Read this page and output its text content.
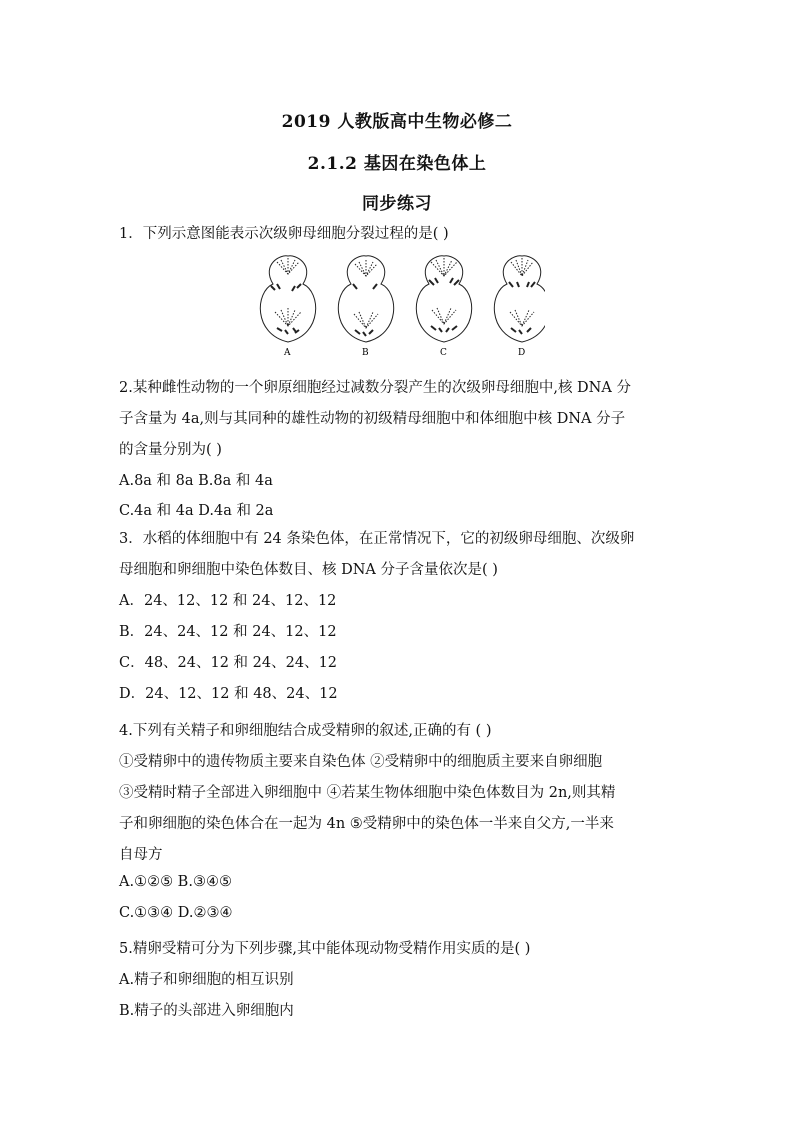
2019 人教版高中生物必修二
2.1.2 基因在染色体上
同步练习
1．下列示意图能表示次级卵母细胞分裂过程的是( )
A	B	C	D
2.某种雌性动物的一个卵原细胞经过减数分裂产生的次级卵母细胞中,核 DNA 分
子含量为 4a,则与其同种的雄性动物的初级精母细胞中和体细胞中核 DNA 分子
的含量分别为( )
A.8a 和 8a B.8a 和 4a
C.4a 和 4a D.4a 和 2a
3．水稻的体细胞中有 24 条染色体，在正常情况下，它的初级卵母细胞、次级卵
母细胞和卵细胞中染色体数目、核 DNA 分子含量依次是( )
A．24、12、12 和 24、12、12
B．24、24、12 和 24、12、12
C．48、24、12 和 24、24、12
D．24、12、12 和 48、24、12
4.下列有关精子和卵细胞结合成受精卵的叙述,正确的有 ( )
①受精卵中的遗传物质主要来自染色体 ②受精卵中的细胞质主要来自卵细胞
③受精时精子全部进入卵细胞中 ④若某生物体细胞中染色体数目为 2n,则其精
子和卵细胞的染色体合在一起为 4n ⑤受精卵中的染色体一半来自父方,一半来
自母方
A.①②⑤ B.③④⑤
C.①③④ D.②③④
5.精卵受精可分为下列步骤,其中能体现动物受精作用实质的是( )
A.精子和卵细胞的相互识别
B.精子的头部进入卵细胞内
